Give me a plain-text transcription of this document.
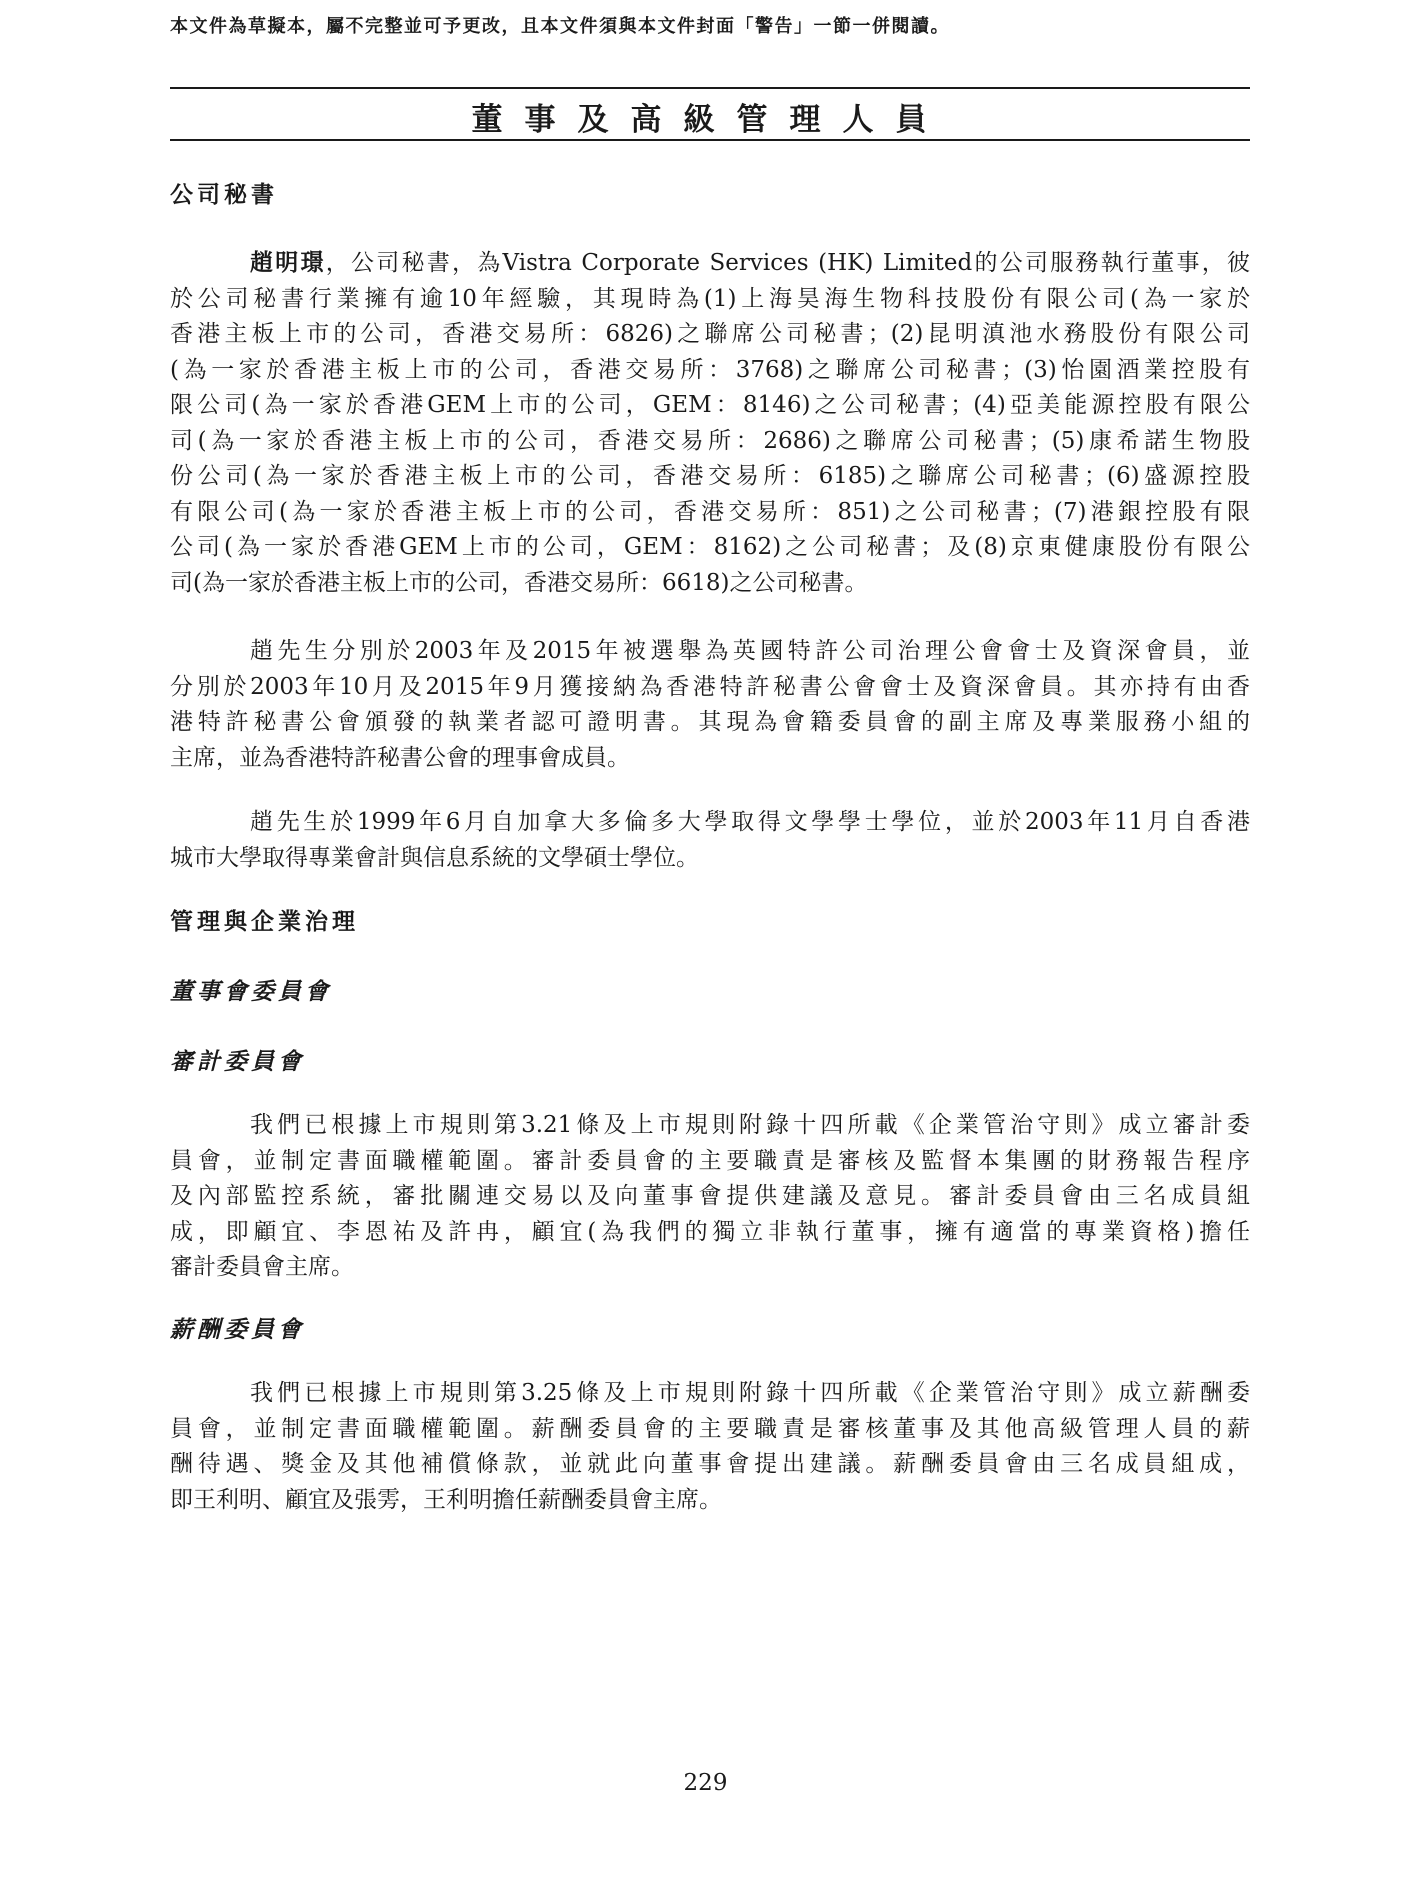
本文件為草擬本，屬不完整並可予更改，且本文件須與本文件封面「警告」一節一併閱讀。
董事及高級管理人員
公司秘書
趙明璟，公司秘書，為Vistra Corporate Services (HK) Limited的公司服務執行董事，彼
於公司秘書行業擁有逾10年經驗，其現時為(1)上海昊海生物科技股份有限公司(為一家於
香港主板上市的公司，香港交易所：6826)之聯席公司秘書；(2)昆明滇池水務股份有限公司
(為一家於香港主板上市的公司，香港交易所：3768)之聯席公司秘書；(3)怡園酒業控股有
限公司(為一家於香港GEM上市的公司，GEM：8146)之公司秘書；(4)亞美能源控股有限公
司(為一家於香港主板上市的公司，香港交易所：2686)之聯席公司秘書；(5)康希諾生物股
份公司(為一家於香港主板上市的公司，香港交易所：6185)之聯席公司秘書；(6)盛源控股
有限公司(為一家於香港主板上市的公司，香港交易所：851)之公司秘書；(7)港銀控股有限
公司(為一家於香港GEM上市的公司，GEM：8162)之公司秘書；及(8)京東健康股份有限公
司(為一家於香港主板上市的公司，香港交易所：6618)之公司秘書。
趙先生分別於2003年及2015年被選舉為英國特許公司治理公會會士及資深會員，並
分別於2003年10月及2015年9月獲接納為香港特許秘書公會會士及資深會員。其亦持有由香
港特許秘書公會頒發的執業者認可證明書。其現為會籍委員會的副主席及專業服務小組的
主席，並為香港特許秘書公會的理事會成員。
趙先生於1999年6月自加拿大多倫多大學取得文學學士學位，並於2003年11月自香港
城市大學取得專業會計與信息系統的文學碩士學位。
管理與企業治理
董事會委員會
審計委員會
我們已根據上市規則第3.21條及上市規則附錄十四所載《企業管治守則》成立審計委
員會，並制定書面職權範圍。審計委員會的主要職責是審核及監督本集團的財務報告程序
及內部監控系統，審批關連交易以及向董事會提供建議及意見。審計委員會由三名成員組
成，即顧宜、李恩祐及許冉，顧宜(為我們的獨立非執行董事，擁有適當的專業資格)擔任
審計委員會主席。
薪酬委員會
我們已根據上市規則第3.25條及上市規則附錄十四所載《企業管治守則》成立薪酬委
員會，並制定書面職權範圍。薪酬委員會的主要職責是審核董事及其他高級管理人員的薪
酬待遇、獎金及其他補償條款，並就此向董事會提出建議。薪酬委員會由三名成員組成，
即王利明、顧宜及張雱，王利明擔任薪酬委員會主席。
229
